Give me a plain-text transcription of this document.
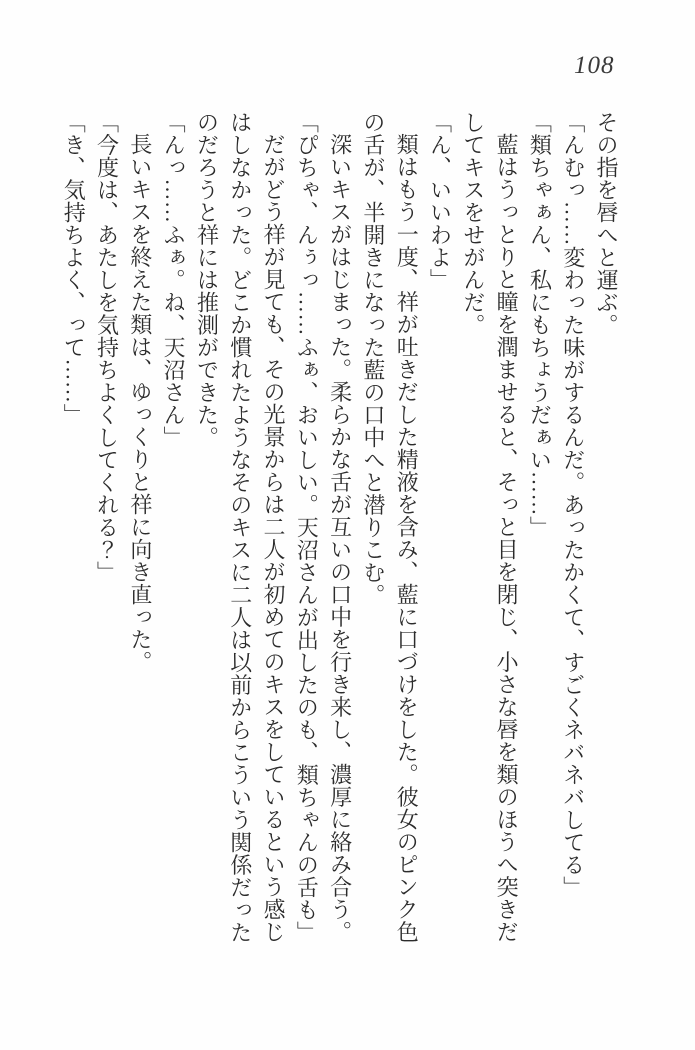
108

その指を唇へと運ぶ。

「んむっ……変わった味がするんだ。あったかくて、すごくネバネバしてる」

「類ちゃぁん、私にもちょうだぁい……」

藍はうっとりと瞳を潤ませると、そっと目を閉じ、小さな唇を類のほうへ突きだしてキスをせがんだ。

「ん、いいわよ」

類はもう一度、祥が吐きだした精液を含み、藍に口づけをした。彼女のピンク色の舌が、半開きになった藍の口中へと潜りこむ。

深いキスがはじまった。柔らかな舌が互いの口中を行き来し、濃厚に絡み合う。

「ぴちゃ、んぅっ……ふぁ、おいしい。天沼さんが出したのも、類ちゃんの舌も」

だがどう祥が見ても、その光景からは二人が初めてのキスをしているという感じはしなかった。どこか慣れたようなそのキスに二人は以前からこういう関係だったのだろうと祥には推測ができた。

「んっ……ふぁ。ね、天沼さん」

長いキスを終えた類は、ゆっくりと祥に向き直った。

「今度は、あたしを気持ちよくしてくれる？」

「き、気持ちよく、って……」
